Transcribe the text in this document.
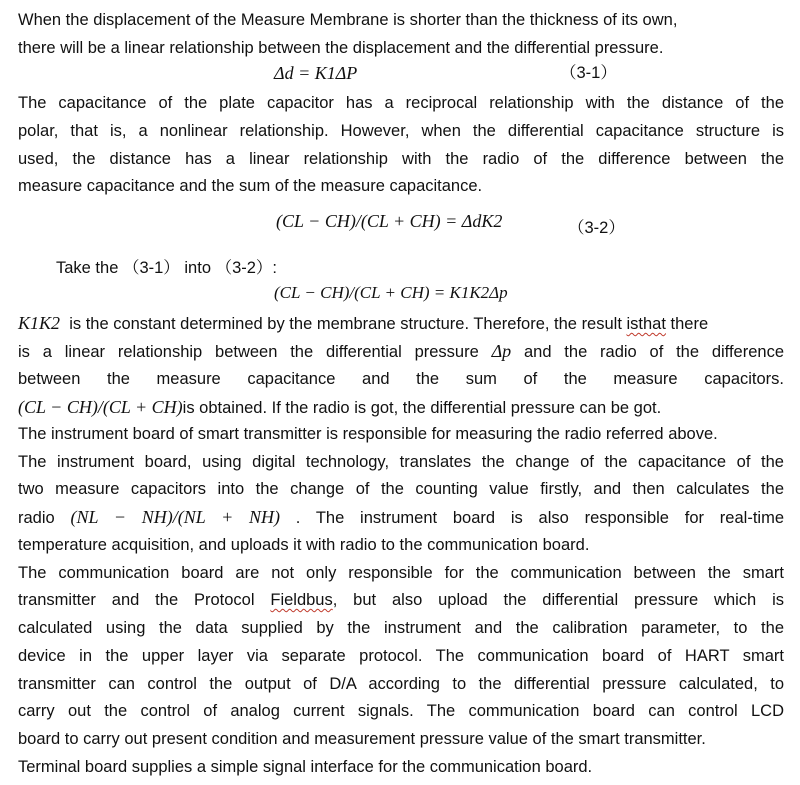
When the displacement of the Measure Membrane is shorter than the thickness of its own,
there will be a linear relationship between the displacement and the differential pressure.
Δd = K1ΔP	（3-1）
The capacitance of the plate capacitor has a reciprocal relationship with the distance of the
polar, that is, a nonlinear relationship. However, when the differential capacitance structure is
used, the distance has a linear relationship with the radio of the difference between the
measure capacitance and the sum of the measure capacitance.
(CL − CH)/(CL + CH) = ΔdK2	（3-2）
Take the （3-1） into （3-2）:
(CL − CH)/(CL + CH) = K1K2Δp
K1K2 is the constant determined by the membrane structure. Therefore, the result isthat there
is a linear relationship between the differential pressure Δp and the radio of the difference
between the measure capacitance and the sum of the measure capacitors.
(CL − CH)/(CL + CH)is obtained. If the radio is got, the differential pressure can be got.
The instrument board of smart transmitter is responsible for measuring the radio referred above.
The instrument board, using digital technology, translates the change of the capacitance of the
two measure capacitors into the change of the counting value firstly, and then calculates the
radio (NL − NH)/(NL + NH) . The instrument board is also responsible for real-time
temperature acquisition, and uploads it with radio to the communication board.
The communication board are not only responsible for the communication between the smart
transmitter and the Protocol Fieldbus, but also upload the differential pressure which is
calculated using the data supplied by the instrument and the calibration parameter, to the
device in the upper layer via separate protocol. The communication board of HART smart
transmitter can control the output of D/A according to the differential pressure calculated, to
carry out the control of analog current signals. The communication board can control LCD
board to carry out present condition and measurement pressure value of the smart transmitter.
Terminal board supplies a simple signal interface for the communication board.
